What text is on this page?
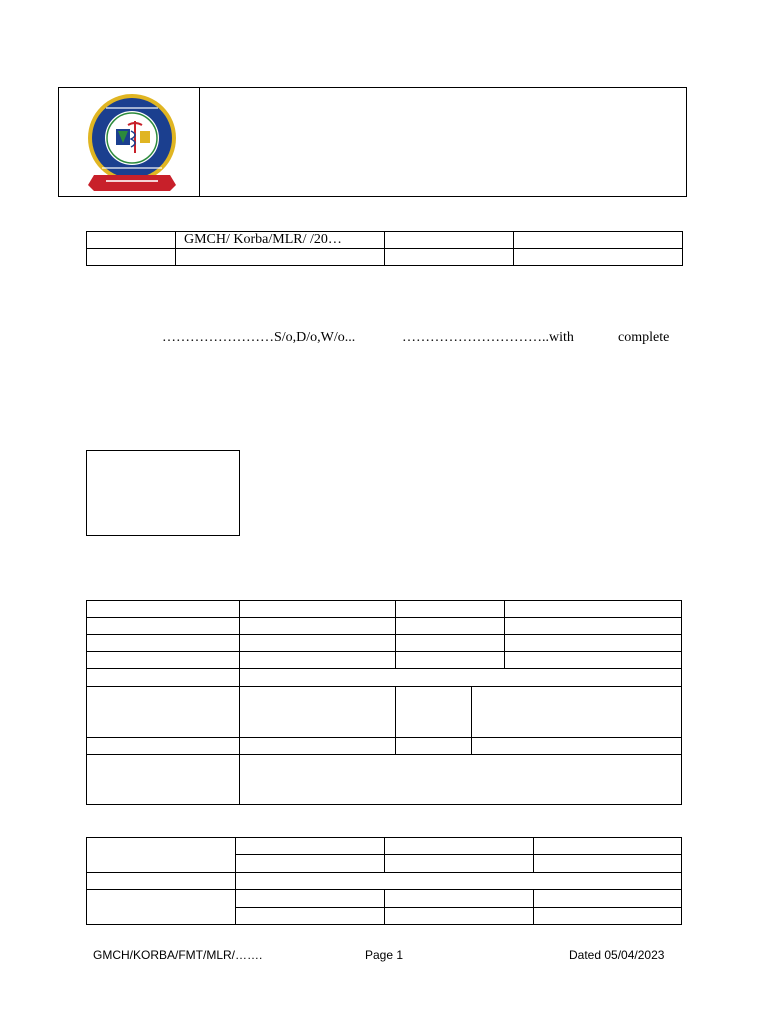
	GMCH/ Korba/MLR/ /20…		

……………………S/o,D/o,W/o...	…………………………..with	complete
GMCH/KORBA/FMT/MLR/…….	Page 1	Dated 05/04/2023
